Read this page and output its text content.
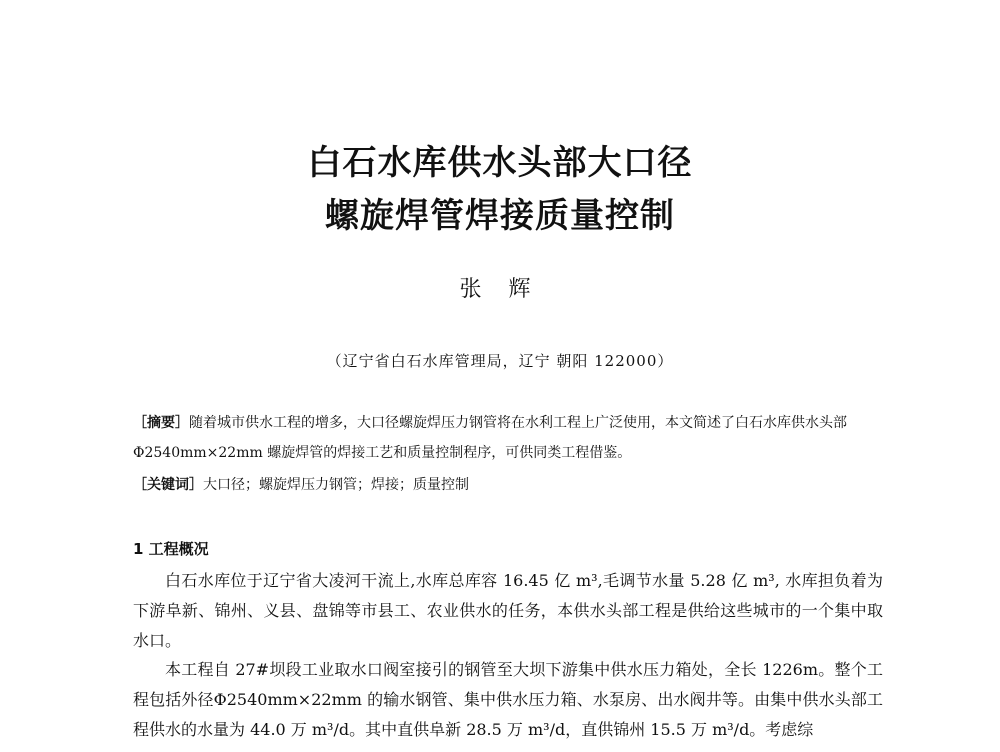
白石水库供水头部大口径
螺旋焊管焊接质量控制
张 辉
（辽宁省白石水库管理局，辽宁 朝阳 122000）
［摘要］随着城市供水工程的增多，大口径螺旋焊压力钢管将在水利工程上广泛使用，本文简述了白石水库供水头部Φ2540mm×22mm 螺旋焊管的焊接工艺和质量控制程序，可供同类工程借鉴。
［关键词］大口径；螺旋焊压力钢管；焊接；质量控制
1 工程概况
白石水库位于辽宁省大凌河干流上,水库总库容 16.45 亿 m³,毛调节水量 5.28 亿 m³, 水库担负着为下游阜新、锦州、义县、盘锦等市县工、农业供水的任务，本供水头部工程是供给这些城市的一个集中取水口。
本工程自 27#坝段工业取水口阀室接引的钢管至大坝下游集中供水压力箱处，全长 1226m。整个工程包括外径Φ2540mm×22mm 的输水钢管、集中供水压力箱、水泵房、出水阀井等。由集中供水头部工程供水的水量为 44.0 万 m³/d。其中直供阜新 28.5 万 m³/d，直供锦州 15.5 万 m³/d。考虑综
